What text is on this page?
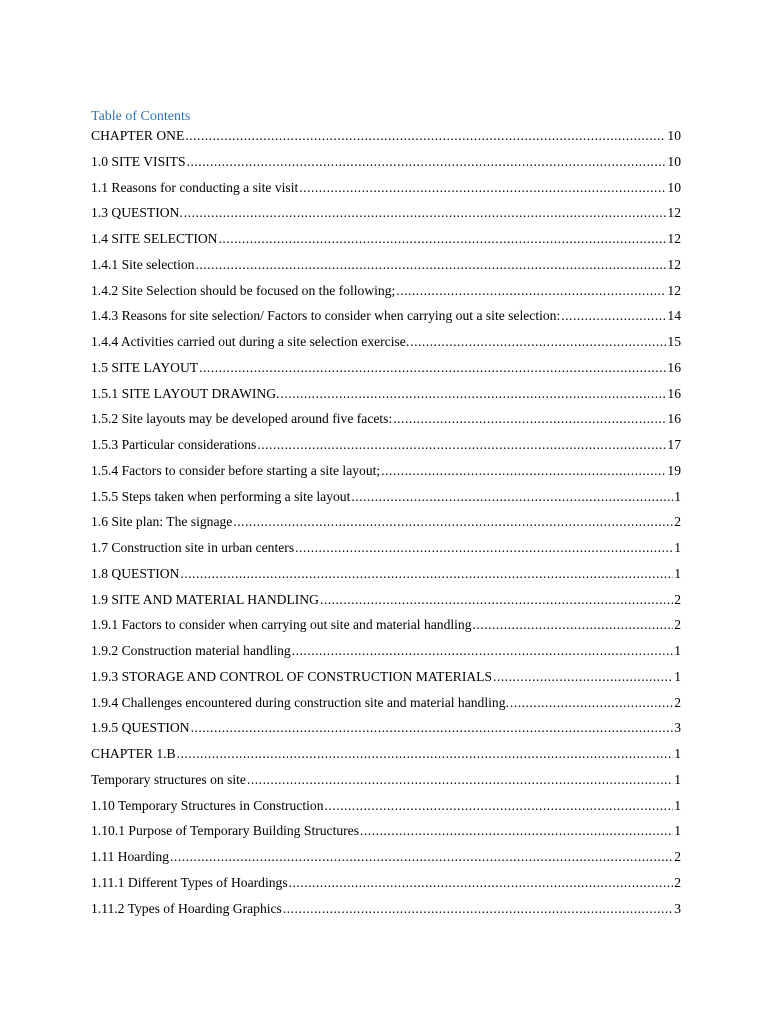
Table of Contents
CHAPTER ONE .....	10
1.0 SITE VISITS .....	10
1.1 Reasons for conducting a site visit .....	10
1.3 QUESTION. .....	12
1.4 SITE SELECTION .....	12
1.4.1 Site selection .....	12
1.4.2 Site Selection should be focused on the following; .....	12
1.4.3 Reasons for site selection/ Factors to consider when carrying out a site selection: .....	14
1.4.4 Activities carried out during a site selection exercise. .....	15
1.5 SITE LAYOUT .....	16
1.5.1 SITE LAYOUT DRAWING. .....	16
1.5.2 Site layouts may be developed around five facets: .....	16
1.5.3 Particular considerations .....	17
1.5.4 Factors to consider before starting a site layout; .....	19
1.5.5 Steps taken when performing a site layout .....	1
1.6 Site plan: The signage .....	2
1.7 Construction site in urban centers .....	1
1.8 QUESTION .....	1
1.9 SITE AND MATERIAL HANDLING .....	2
1.9.1 Factors to consider when carrying out site and material handling .....	2
1.9.2 Construction material handling .....	1
1.9.3 STORAGE AND CONTROL OF CONSTRUCTION MATERIALS .....	1
1.9.4 Challenges encountered during construction site and material handling. .....	2
1.9.5 QUESTION .....	3
CHAPTER 1.B .....	1
Temporary structures on site .....	1
1.10 Temporary Structures in Construction .....	1
1.10.1 Purpose of Temporary Building Structures .....	1
1.11 Hoarding .....	2
1.11.1 Different Types of Hoardings .....	2
1.11.2 Types of Hoarding Graphics .....	3
